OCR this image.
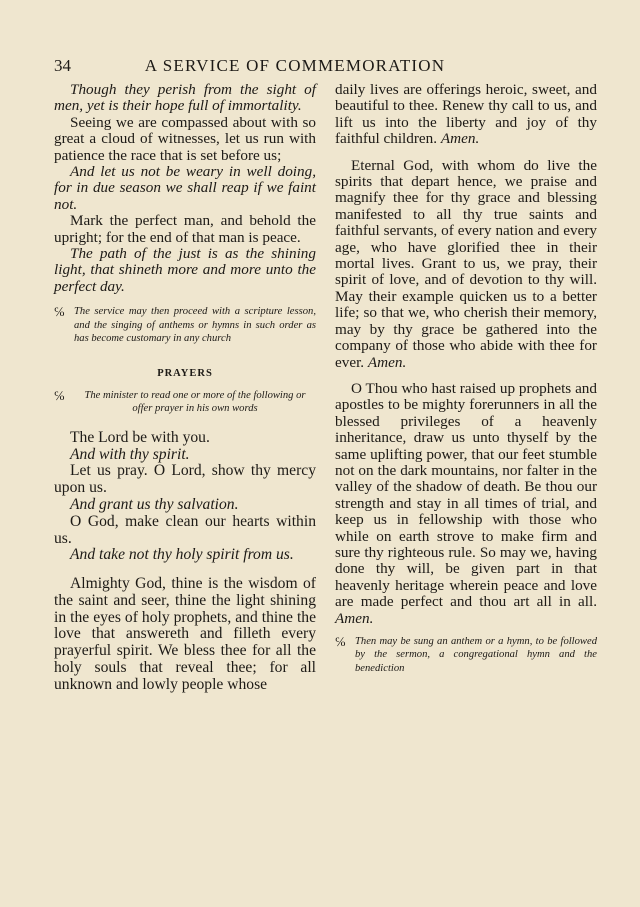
34	A SERVICE OF COMMEMORATION

Though they perish from the sight of men, yet is their hope full of immortality.

Seeing we are compassed about with so great a cloud of witnesses, let us run with patience the race that is set before us;

And let us not be weary in well doing, for in due season we shall reap if we faint not.

Mark the perfect man, and behold the upright; for the end of that man is peace.

The path of the just is as the shining light, that shineth more and more unto the perfect day.

℅ The service may then proceed with a scripture lesson, and the singing of anthems or hymns in such order as has become customary in any church
PRAYERS
℅ The minister to read one or more of the following or offer prayer in his own words

The Lord be with you.

And with thy spirit.

Let us pray. O Lord, show thy mercy upon us.

And grant us thy salvation.

O God, make clean our hearts within us.

And take not thy holy spirit from us.

Almighty God, thine is the wisdom of the saint and seer, thine the light shining in the eyes of holy prophets, and thine the love that answereth and filleth every prayerful spirit. We bless thee for all the holy souls that reveal thee; for all unknown and lowly people whose

daily lives are offerings heroic, sweet, and beautiful to thee. Renew thy call to us, and lift us into the liberty and joy of thy faithful children. Amen.

Eternal God, with whom do live the spirits that depart hence, we praise and magnify thee for thy grace and blessing manifested to all thy true saints and faithful servants, of every nation and every age, who have glorified thee in their mortal lives. Grant to us, we pray, their spirit of love, and of devotion to thy will. May their example quicken us to a better life; so that we, who cherish their memory, may by thy grace be gathered into the company of those who abide with thee for ever. Amen.

O Thou who hast raised up prophets and apostles to be mighty forerunners in all the blessed privileges of a heavenly inheritance, draw us unto thyself by the same uplifting power, that our feet stumble not on the dark mountains, nor falter in the valley of the shadow of death. Be thou our strength and stay in all times of trial, and keep us in fellowship with those who while on earth strove to make firm and sure thy righteous rule. So may we, having done thy will, be given part in that heavenly heritage wherein peace and love are made perfect and thou art all in all. Amen.

℅ Then may be sung an anthem or a hymn, to be followed by the sermon, a congregational hymn and the benediction
